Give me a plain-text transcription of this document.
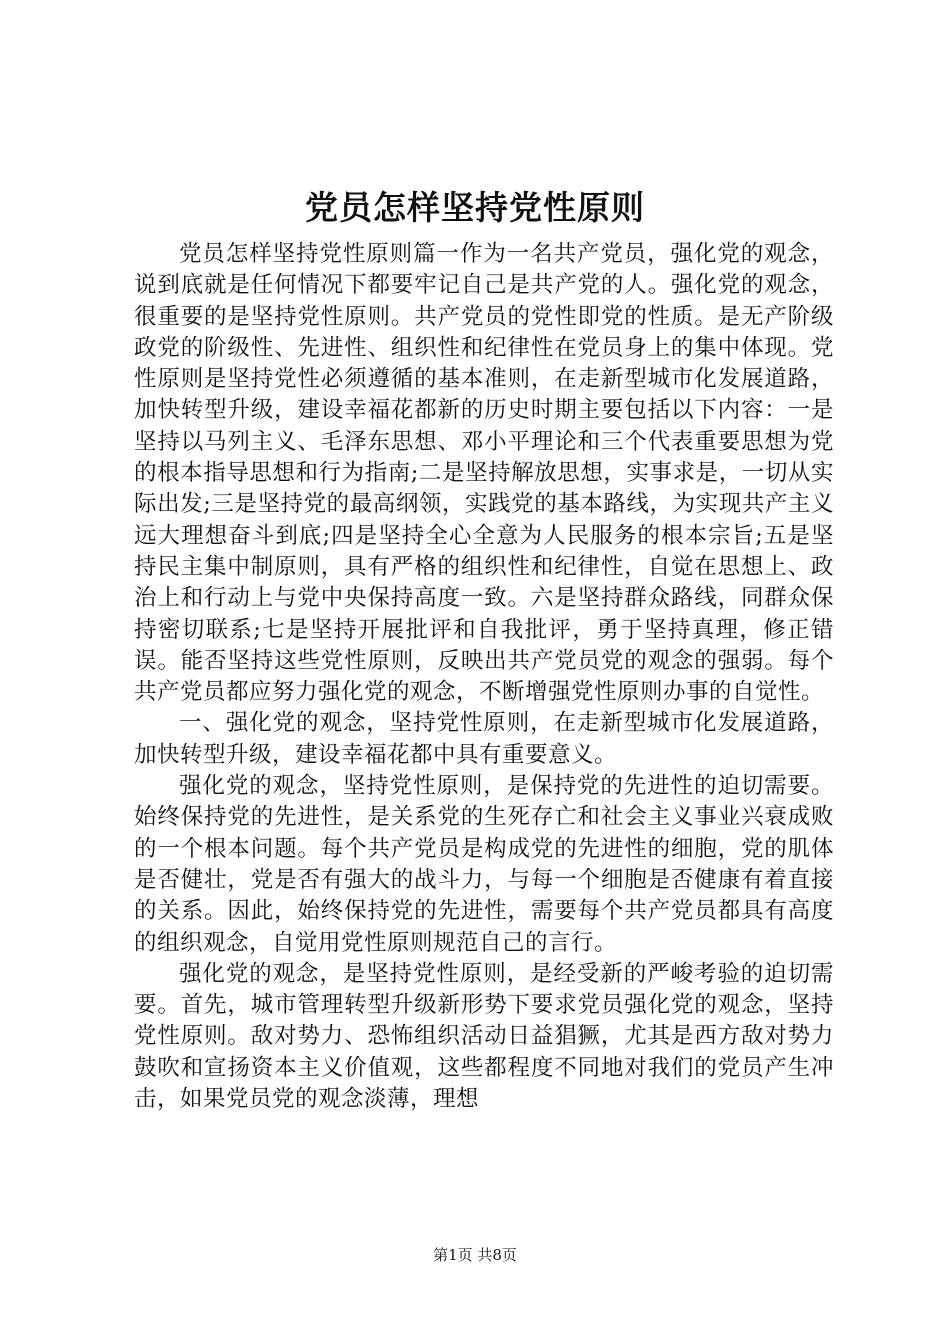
党员怎样坚持党性原则

党员怎样坚持党性原则篇一作为一名共产党员，强化党的观念，说到底就是任何情况下都要牢记自己是共产党的人。强化党的观念，很重要的是坚持党性原则。共产党员的党性即党的性质。是无产阶级政党的阶级性、先进性、组织性和纪律性在党员身上的集中体现。党性原则是坚持党性必须遵循的基本准则，在走新型城市化发展道路，加快转型升级，建设幸福花都新的历史时期主要包括以下内容：一是坚持以马列主义、毛泽东思想、邓小平理论和三个代表重要思想为党的根本指导思想和行为指南;二是坚持解放思想，实事求是，一切从实际出发;三是坚持党的最高纲领，实践党的基本路线，为实现共产主义远大理想奋斗到底;四是坚持全心全意为人民服务的根本宗旨;五是坚持民主集中制原则，具有严格的组织性和纪律性，自觉在思想上、政治上和行动上与党中央保持高度一致。六是坚持群众路线，同群众保持密切联系;七是坚持开展批评和自我批评，勇于坚持真理，修正错误。能否坚持这些党性原则，反映出共产党员党的观念的强弱。每个共产党员都应努力强化党的观念，不断增强党性原则办事的自觉性。

一、强化党的观念，坚持党性原则，在走新型城市化发展道路，加快转型升级，建设幸福花都中具有重要意义。

强化党的观念，坚持党性原则，是保持党的先进性的迫切需要。始终保持党的先进性，是关系党的生死存亡和社会主义事业兴衰成败的一个根本问题。每个共产党员是构成党的先进性的细胞，党的肌体是否健壮，党是否有强大的战斗力，与每一个细胞是否健康有着直接的关系。因此，始终保持党的先进性，需要每个共产党员都具有高度的组织观念，自觉用党性原则规范自己的言行。

强化党的观念，是坚持党性原则，是经受新的严峻考验的迫切需要。首先，城市管理转型升级新形势下要求党员强化党的观念，坚持党性原则。敌对势力、恐怖组织活动日益猖獗，尤其是西方敌对势力鼓吹和宣扬资本主义价值观，这些都程度不同地对我们的党员产生冲击，如果党员党的观念淡薄，理想

第1页 共8页
